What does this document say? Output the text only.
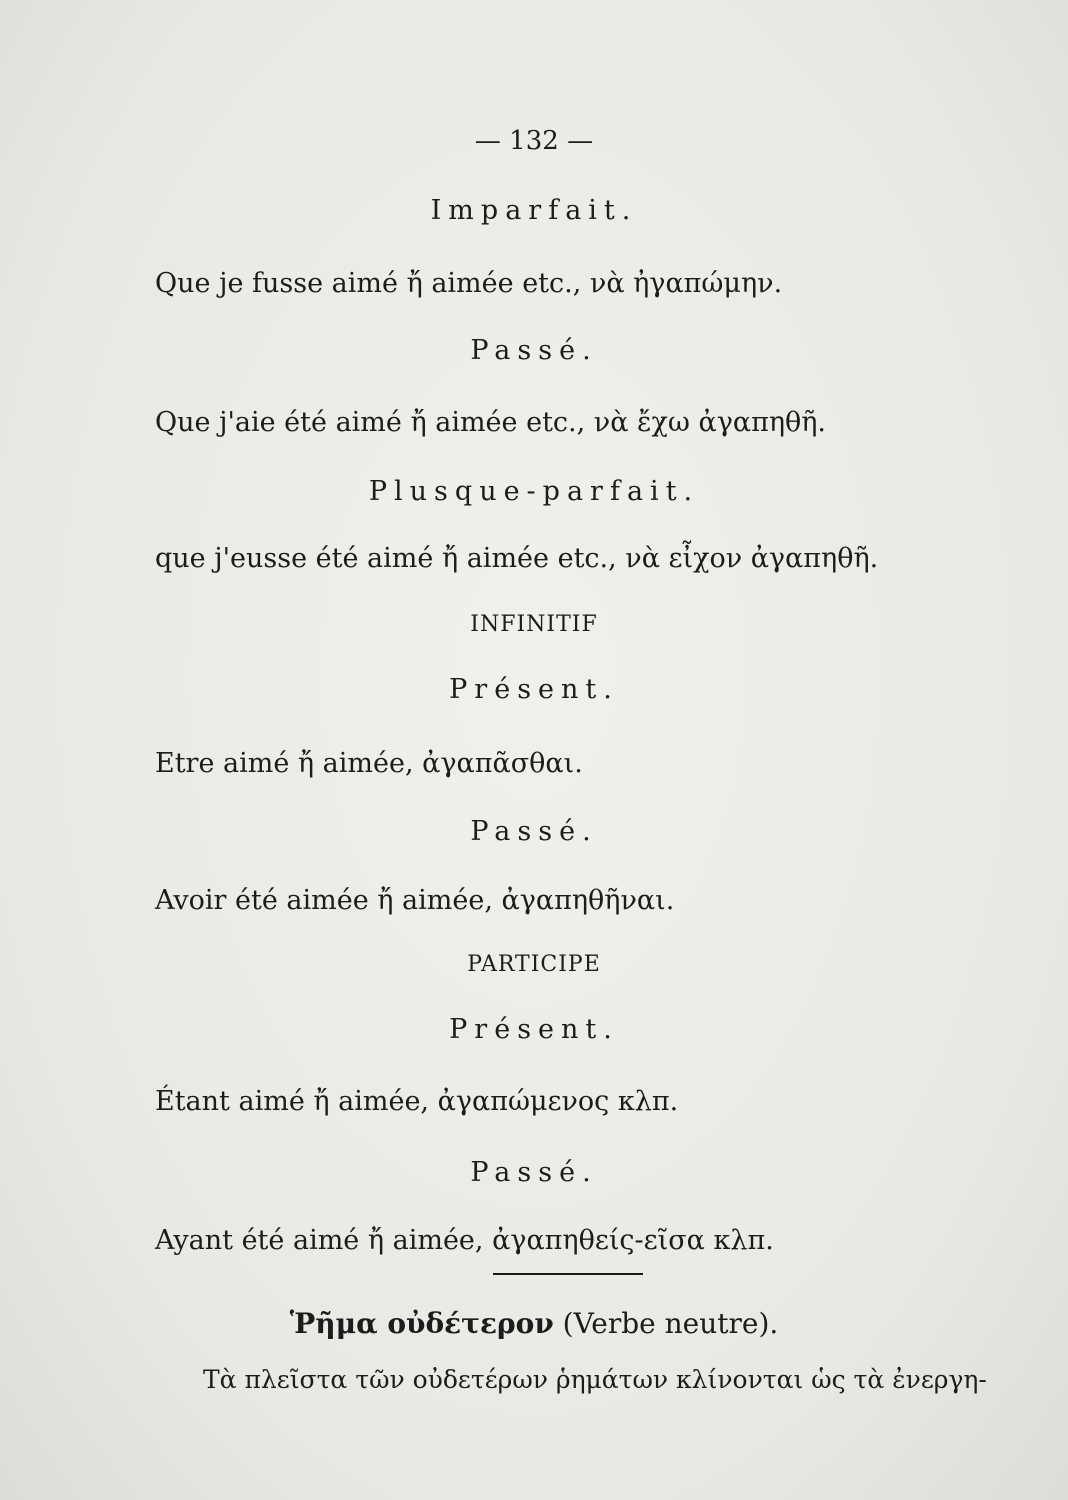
— 132 —
Imparfait.
Que je fusse aimé ἤ aimée etc., νὰ ἠγαπώμην.
Passé.
Que j'aie été aimé ἤ aimée etc., νὰ ἔχω ἀγαπηθῆ.
Plusque-parfait.
que j'eusse été aimé ἤ aimée etc., νὰ εἶχον ἀγαπηθῆ.
INFINITIF
Présent.
Etre aimé ἤ aimée, ἀγαπᾶσθαι.
Passé.
Avoir été aimée ἤ aimée, ἀγαπηθῆναι.
PARTICIPE
Présent.
Étant aimé ἤ aimée, ἀγαπώμενος κλπ.
Passé.
Ayant été aimé ἤ aimée, ἀγαπηθείς-εῖσα κλπ.
Ῥῆμα οὐδέτερον (Verbe neutre).
Τὰ πλεῖστα τῶν οὐδετέρων ῥημάτων κλίνονται ὡς τὰ ἐνεργη-
